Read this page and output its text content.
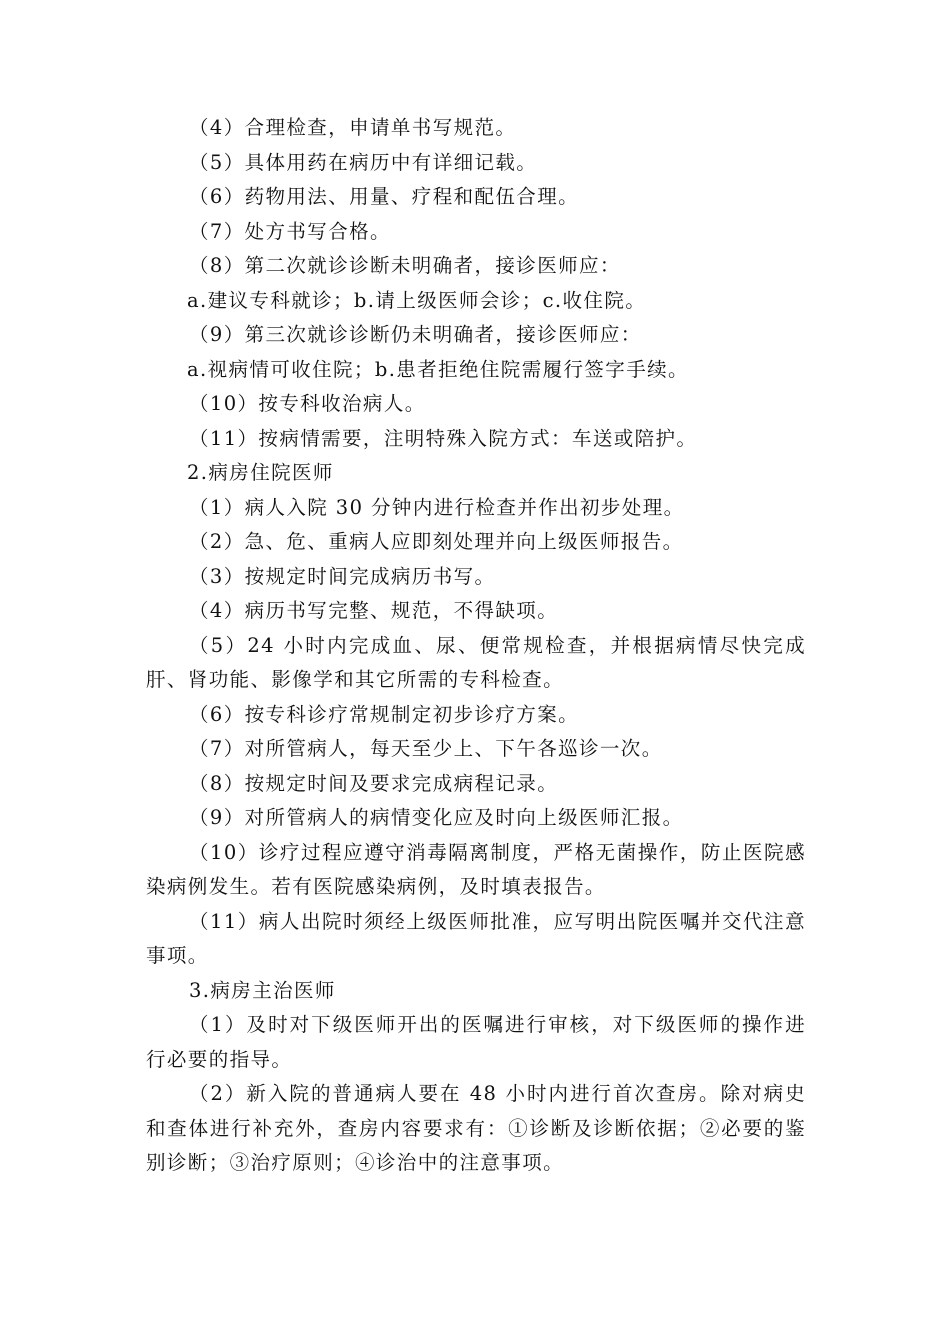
（4）合理检查，申请单书写规范。
（5）具体用药在病历中有详细记载。
（6）药物用法、用量、疗程和配伍合理。
（7）处方书写合格。
（8）第二次就诊诊断未明确者，接诊医师应：
a.建议专科就诊；b.请上级医师会诊；c.收住院。
（9）第三次就诊诊断仍未明确者，接诊医师应：
a.视病情可收住院；b.患者拒绝住院需履行签字手续。
（10）按专科收治病人。
（11）按病情需要，注明特殊入院方式：车送或陪护。
2.病房住院医师
（1）病人入院 30 分钟内进行检查并作出初步处理。
（2）急、危、重病人应即刻处理并向上级医师报告。
（3）按规定时间完成病历书写。
（4）病历书写完整、规范，不得缺项。
（5）24 小时内完成血、尿、便常规检查，并根据病情尽快完成肝、肾功能、影像学和其它所需的专科检查。
（6）按专科诊疗常规制定初步诊疗方案。
（7）对所管病人，每天至少上、下午各巡诊一次。
（8）按规定时间及要求完成病程记录。
（9）对所管病人的病情变化应及时向上级医师汇报。
（10）诊疗过程应遵守消毒隔离制度，严格无菌操作，防止医院感染病例发生。若有医院感染病例，及时填表报告。
（11）病人出院时须经上级医师批准，应写明出院医嘱并交代注意事项。
3.病房主治医师
（1）及时对下级医师开出的医嘱进行审核，对下级医师的操作进行必要的指导。
（2）新入院的普通病人要在 48 小时内进行首次查房。除对病史和查体进行补充外，查房内容要求有：①诊断及诊断依据；②必要的鉴别诊断；③治疗原则；④诊治中的注意事项。
